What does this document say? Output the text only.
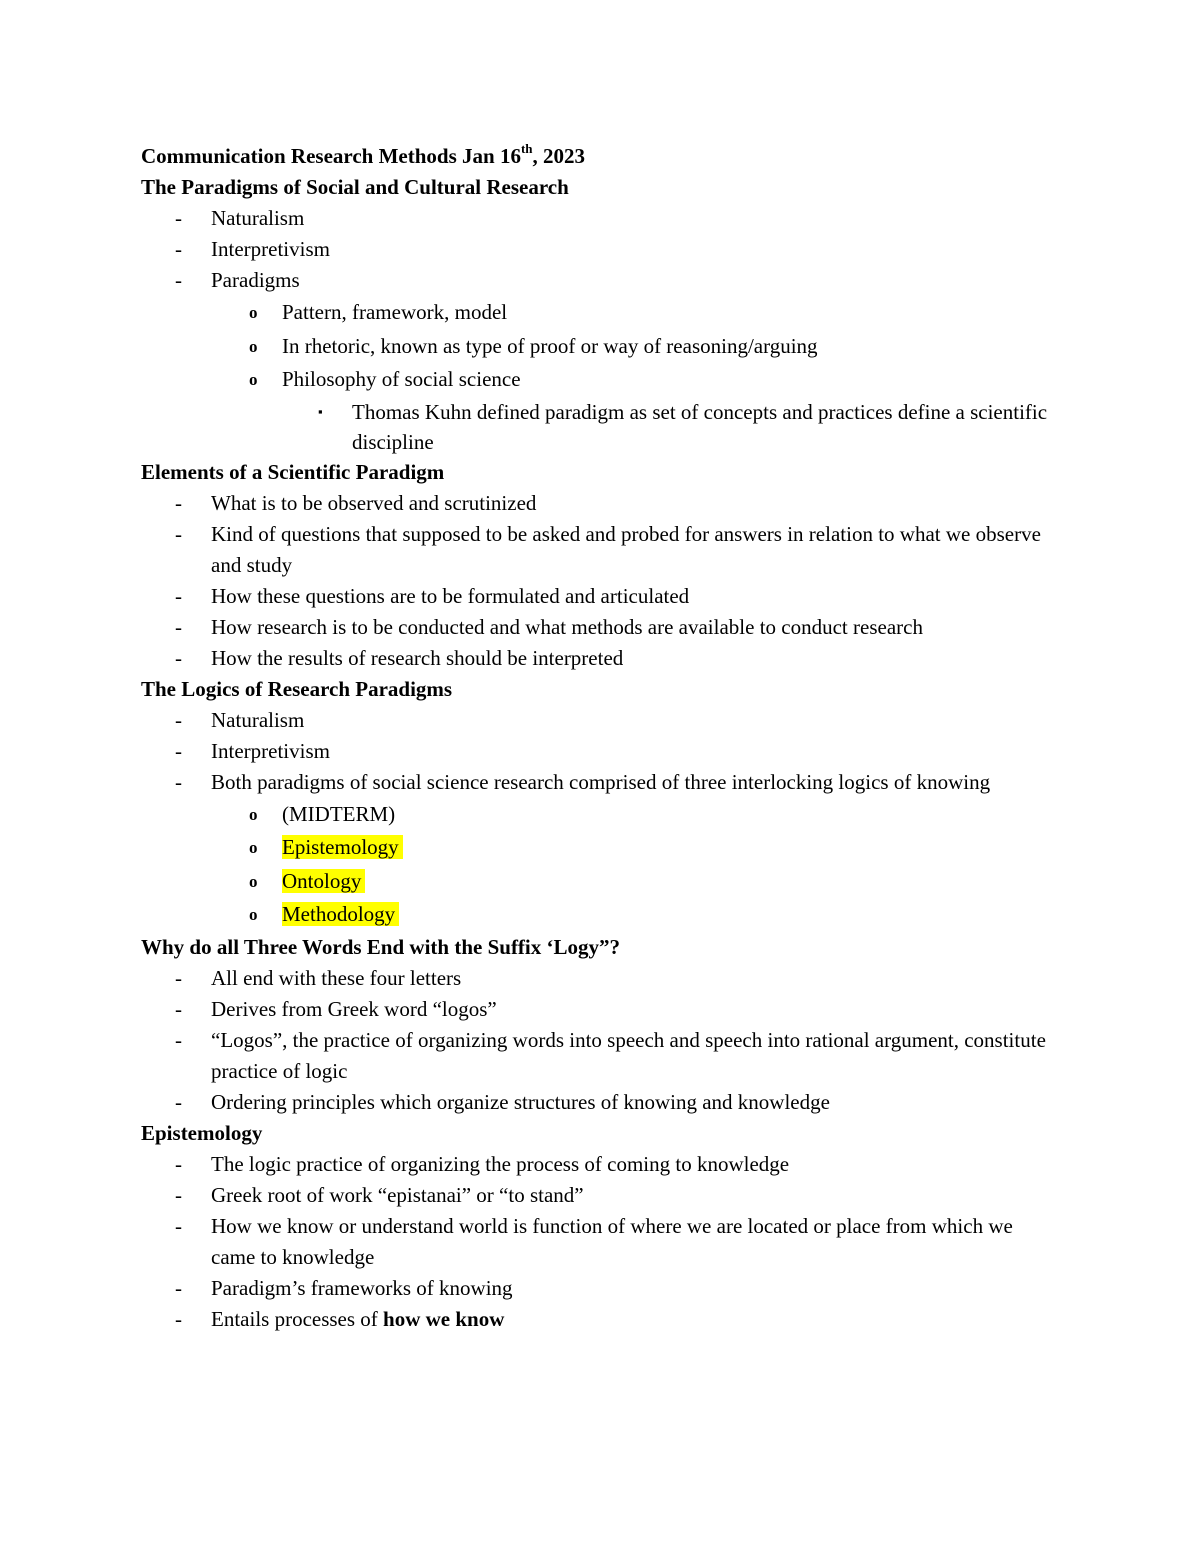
Communication Research Methods Jan 16th, 2023

The Paradigms of Social and Cultural Research

- Naturalism

- Interpretivism

- Paradigms

o Pattern, framework, model

o In rhetoric, known as type of proof or way of reasoning/arguing

o Philosophy of social science

▪ Thomas Kuhn defined paradigm as set of concepts and practices define a scientific discipline

Elements of a Scientific Paradigm

- What is to be observed and scrutinized

- Kind of questions that supposed to be asked and probed for answers in relation to what we observe and study

- How these questions are to be formulated and articulated

- How research is to be conducted and what methods are available to conduct research

- How the results of research should be interpreted

The Logics of Research Paradigms

- Naturalism

- Interpretivism

- Both paradigms of social science research comprised of three interlocking logics of knowing

o (MIDTERM)

o Epistemology

o Ontology

o Methodology

Why do all Three Words End with the Suffix ‘Logy”?

- All end with these four letters

- Derives from Greek word “logos”

- “Logos”, the practice of organizing words into speech and speech into rational argument, constitute practice of logic

- Ordering principles which organize structures of knowing and knowledge

Epistemology

- The logic practice of organizing the process of coming to knowledge

- Greek root of work “epistanai” or “to stand”

- How we know or understand world is function of where we are located or place from which we came to knowledge

- Paradigm’s frameworks of knowing

- Entails processes of how we know
